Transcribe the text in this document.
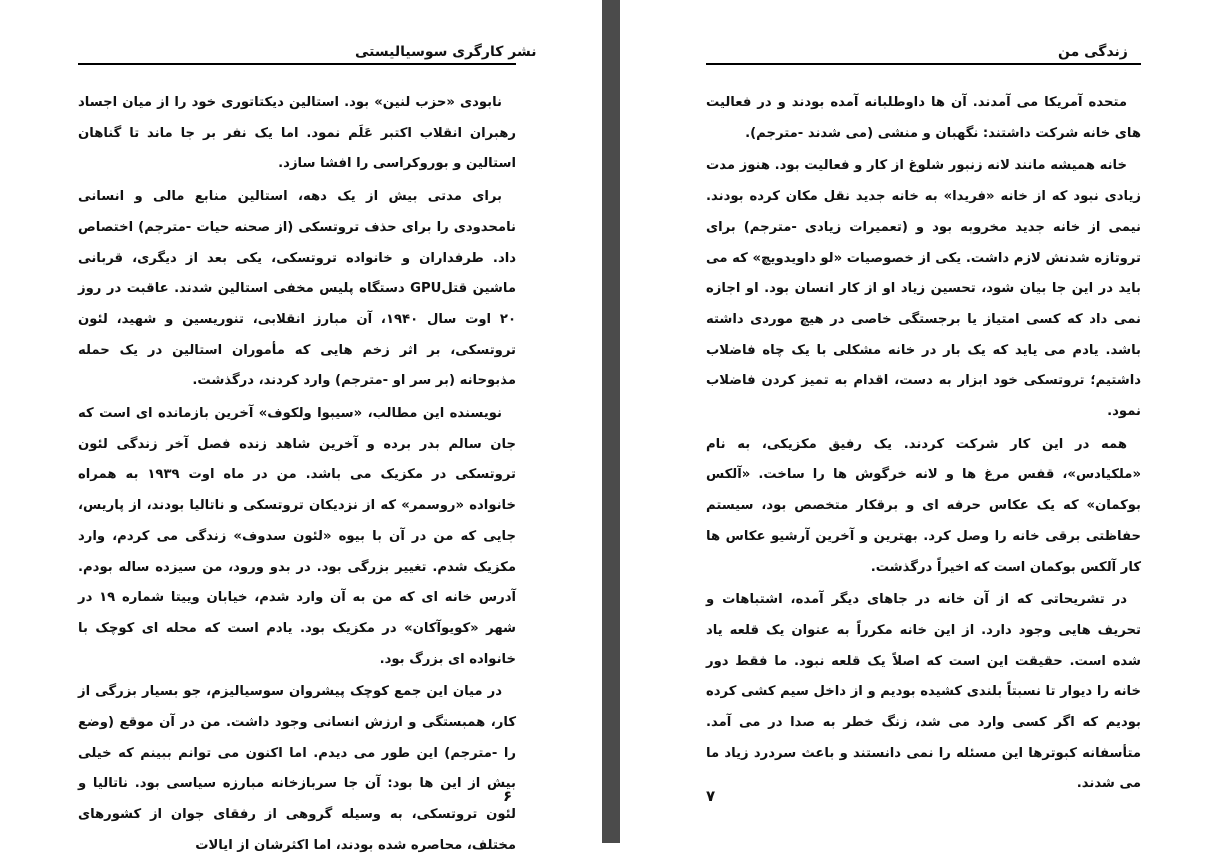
نشر کارگری سوسیالیستی

نابودی «حزب لنین» بود. استالین دیکتاتوری خود را از میان اجساد رهبران انقلاب اکتبر عَلَم نمود. اما یک نفر بر جا ماند تا گناهان استالین و بوروکراسی را افشا سازد.

برای مدتی بیش از یک دهه، استالین منابع مالی و انسانی نامحدودی را برای حذف تروتسکی (از صحنه حیات -مترجم) اختصاص داد. طرفداران و خانواده تروتسکی، یکی بعد از دیگری، قربانی ماشین قتلGPU دستگاه پلیس مخفی استالین شدند. عاقبت در روز ۲۰ اوت سال ۱۹۴۰، آن مبارز انقلابی، تنوریسین و شهید، لئون تروتسکی، بر اثر زخم هایی که مأموران استالین در یک حمله مذبوحانه (بر سر او -مترجم) وارد کردند، درگذشت.

نویسنده این مطالب، «سیبوا ولکوف» آخرین بازمانده ای است که جان سالم بدر برده و آخرین شاهد زنده فصل آخر زندگی لئون تروتسکی در مکزیک می باشد. من در ماه اوت ۱۹۳۹ به همراه خانواده «روسمر» که از نزدیکان تروتسکی و ناتالیا بودند، از پاریس، جایی که من در آن با بیوه «لئون سدوف» زندگی می کردم، وارد مکزیک شدم. تغییر بزرگی بود. در بدو ورود، من سیزده ساله بودم. آدرس خانه ای که من به آن وارد شدم، خیابان وییتا شماره ۱۹ در شهر «کویوآکان» در مکزیک بود. یادم است که محله ای کوچک با خانواده ای بزرگ بود.

در میان این جمع کوچک پیشروان سوسیالیزم، جو بسیار بزرگی از کار، همبستگی و ارزش انسانی وجود داشت. من در آن موقع (وضع را -مترجم) این طور می دیدم. اما اکنون می توانم ببینم که خیلی بیش از این ها بود: آن جا سربازخانه مبارزه سیاسی بود. ناتالیا و لئون تروتسکی، به وسیله گروهی از رفقای جوان از کشورهای مختلف، محاصره شده بودند، اما اکثرشان از ایالات

۶
زندگی من

متحده آمریکا می آمدند. آن ها داوطلبانه آمده بودند و در فعالیت های خانه شرکت داشتند: نگهبان و منشی (می شدند -مترجم).

خانه همیشه مانند لانه زنبور شلوغ از کار و فعالیت بود. هنوز مدت زیادی نبود که از خانه «فریدا» به خانه جدید نقل مکان کرده بودند. نیمی از خانه جدید مخروبه بود و (تعمیرات زیادی -مترجم) برای تروتازه شدنش لازم داشت. یکی از خصوصیات «لو داویدویچ» که می باید در این جا بیان شود، تحسین زیاد او از کار انسان بود. او اجازه نمی داد که کسی امتیاز یا برجستگی خاصی در هیچ موردی داشته باشد. یادم می یاید که یک بار در خانه مشکلی با یک چاه فاضلاب داشتیم؛ تروتسکی خود ابزار به دست، اقدام به تمیز کردن فاضلاب نمود.

همه در این کار شرکت کردند. یک رفیق مکزیکی، به نام «ملکیادس»، قفس مرغ ها و لانه خرگوش ها را ساخت. «آلکس بوکمان» که یک عکاس حرفه ای و برقکار متخصص بود، سیستم حفاظتی برقی خانه را وصل کرد. بهترین و آخرین آرشیو عکاس ها کار آلکس بوکمان است که اخیراً درگذشت.

در تشریحاتی که از آن خانه در جاهای دیگر آمده، اشتباهات و تحریف هایی وجود دارد. از این خانه مکرراً به عنوان یک قلعه یاد شده است. حقیقت این است که اصلاً یک قلعه نبود. ما فقط دور خانه را دیوار تا نسبتاً بلندی کشیده بودیم و از داخل سیم کشی کرده بودیم که اگر کسی وارد می شد، زنگ خطر به صدا در می آمد. متأسفانه کبوترها این مسئله را نمی دانستند و باعث سردرد زیاد ما می شدند.

۷
